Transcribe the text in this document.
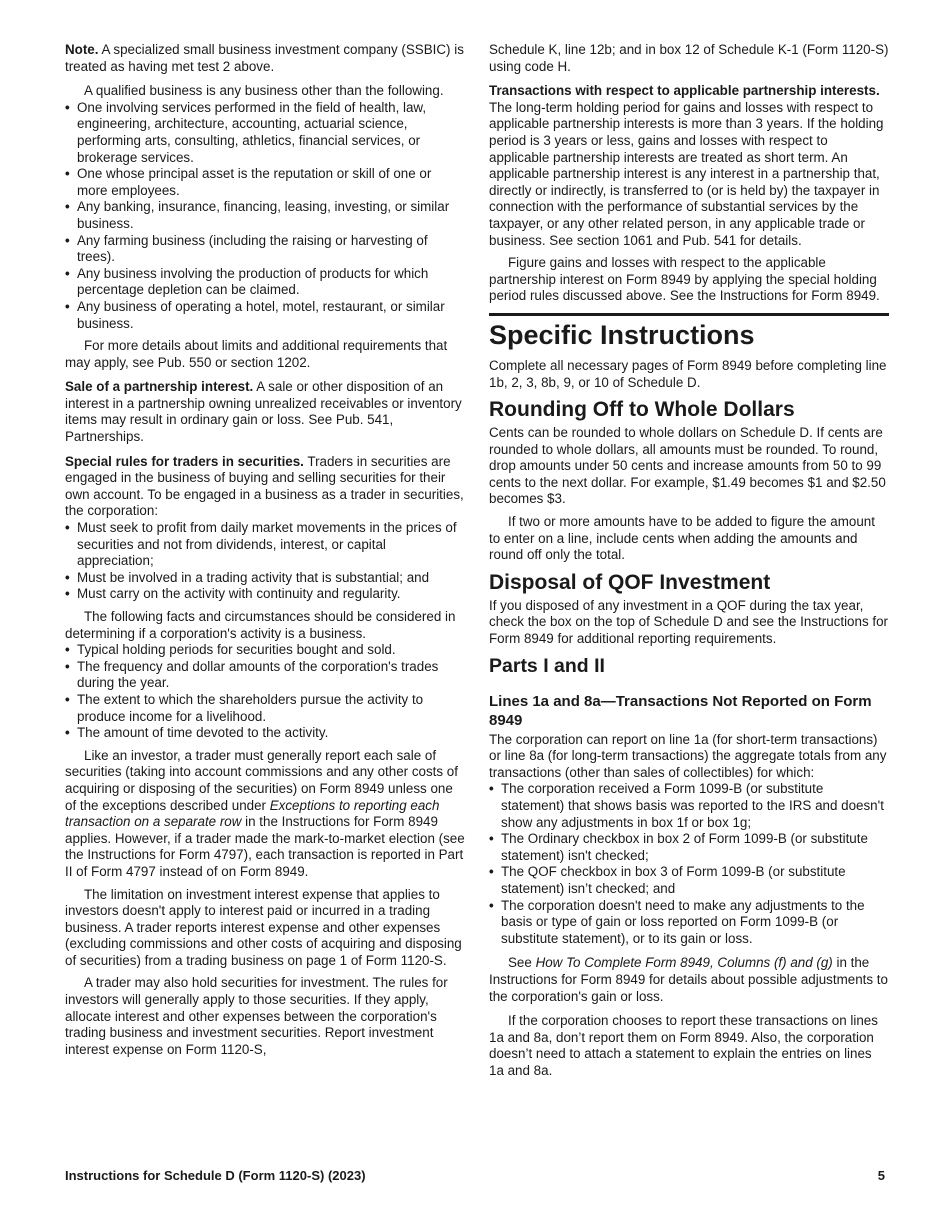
Note. A specialized small business investment company (SSBIC) is treated as having met test 2 above.

A qualified business is any business other than the following.

• One involving services performed in the field of health, law, engineering, architecture, accounting, actuarial science, performing arts, consulting, athletics, financial services, or brokerage services.

• One whose principal asset is the reputation or skill of one or more employees.

• Any banking, insurance, financing, leasing, investing, or similar business.

• Any farming business (including the raising or harvesting of trees).

• Any business involving the production of products for which percentage depletion can be claimed.

• Any business of operating a hotel, motel, restaurant, or similar business.

For more details about limits and additional requirements that may apply, see Pub. 550 or section 1202.

Sale of a partnership interest. A sale or other disposition of an interest in a partnership owning unrealized receivables or inventory items may result in ordinary gain or loss. See Pub. 541, Partnerships.

Special rules for traders in securities. Traders in securities are engaged in the business of buying and selling securities for their own account. To be engaged in a business as a trader in securities, the corporation:

• Must seek to profit from daily market movements in the prices of securities and not from dividends, interest, or capital appreciation;

• Must be involved in a trading activity that is substantial; and

• Must carry on the activity with continuity and regularity.

The following facts and circumstances should be considered in determining if a corporation's activity is a business.

• Typical holding periods for securities bought and sold.

• The frequency and dollar amounts of the corporation's trades during the year.

• The extent to which the shareholders pursue the activity to produce income for a livelihood.

• The amount of time devoted to the activity.

Like an investor, a trader must generally report each sale of securities (taking into account commissions and any other costs of acquiring or disposing of the securities) on Form 8949 unless one of the exceptions described under Exceptions to reporting each transaction on a separate row in the Instructions for Form 8949 applies. However, if a trader made the mark-to-market election (see the Instructions for Form 4797), each transaction is reported in Part II of Form 4797 instead of on Form 8949.

The limitation on investment interest expense that applies to investors doesn't apply to interest paid or incurred in a trading business. A trader reports interest expense and other expenses (excluding commissions and other costs of acquiring and disposing of securities) from a trading business on page 1 of Form 1120-S.

A trader may also hold securities for investment. The rules for investors will generally apply to those securities. If they apply, allocate interest and other expenses between the corporation's trading business and investment securities. Report investment interest expense on Form 1120-S,

Schedule K, line 12b; and in box 12 of Schedule K-1 (Form 1120-S) using code H.

Transactions with respect to applicable partnership interests. The long-term holding period for gains and losses with respect to applicable partnership interests is more than 3 years. If the holding period is 3 years or less, gains and losses with respect to applicable partnership interests are treated as short term. An applicable partnership interest is any interest in a partnership that, directly or indirectly, is transferred to (or is held by) the taxpayer in connection with the performance of substantial services by the taxpayer, or any other related person, in any applicable trade or business. See section 1061 and Pub. 541 for details.

Figure gains and losses with respect to the applicable partnership interest on Form 8949 by applying the special holding period rules discussed above. See the Instructions for Form 8949.

Specific Instructions

Complete all necessary pages of Form 8949 before completing line 1b, 2, 3, 8b, 9, or 10 of Schedule D.

Rounding Off to Whole Dollars

Cents can be rounded to whole dollars on Schedule D. If cents are rounded to whole dollars, all amounts must be rounded. To round, drop amounts under 50 cents and increase amounts from 50 to 99 cents to the next dollar. For example, $1.49 becomes $1 and $2.50 becomes $3.

If two or more amounts have to be added to figure the amount to enter on a line, include cents when adding the amounts and round off only the total.

Disposal of QOF Investment

If you disposed of any investment in a QOF during the tax year, check the box on the top of Schedule D and see the Instructions for Form 8949 for additional reporting requirements.

Parts I and II
Lines 1a and 8a—Transactions Not Reported on Form 8949

The corporation can report on line 1a (for short-term transactions) or line 8a (for long-term transactions) the aggregate totals from any transactions (other than sales of collectibles) for which:

• The corporation received a Form 1099-B (or substitute statement) that shows basis was reported to the IRS and doesn't show any adjustments in box 1f or box 1g;

• The Ordinary checkbox in box 2 of Form 1099-B (or substitute statement) isn't checked;

• The QOF checkbox in box 3 of Form 1099-B (or substitute statement) isn’t checked; and

• The corporation doesn't need to make any adjustments to the basis or type of gain or loss reported on Form 1099-B (or substitute statement), or to its gain or loss.

See How To Complete Form 8949, Columns (f) and (g) in the Instructions for Form 8949 for details about possible adjustments to the corporation's gain or loss.

If the corporation chooses to report these transactions on lines 1a and 8a, don’t report them on Form 8949. Also, the corporation doesn’t need to attach a statement to explain the entries on lines 1a and 8a.

Instructions for Schedule D (Form 1120-S) (2023)	5
